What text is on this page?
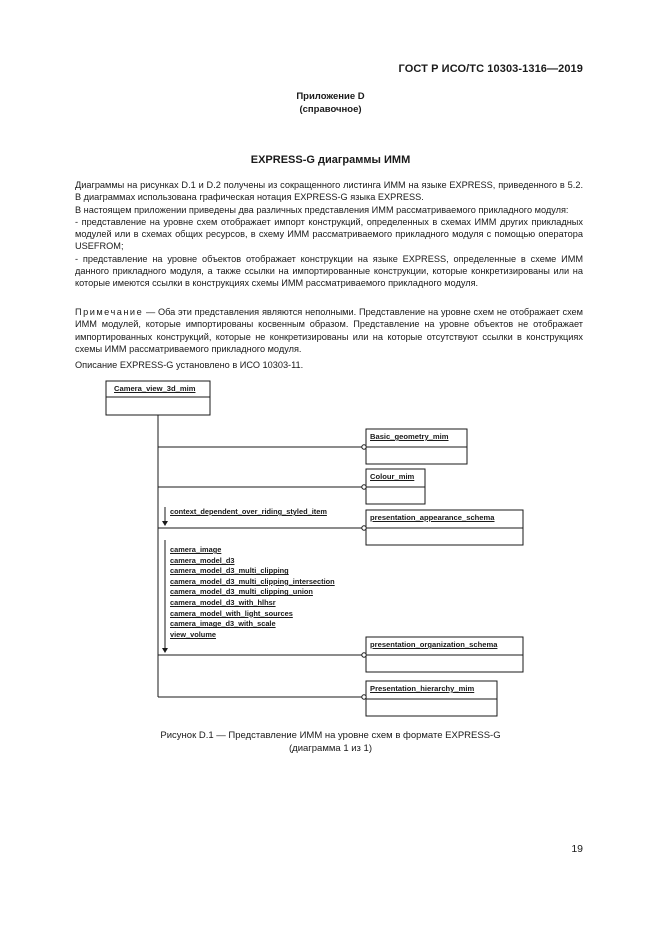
ГОСТ Р ИСО/ТС 10303-1316—2019
Приложение D
(справочное)
EXPRESS-G диаграммы ИММ

Диаграммы на рисунках D.1 и D.2 получены из сокращенного листинга ИММ на языке EXPRESS, приведенного в 5.2. В диаграммах использована графическая нотация EXPRESS-G языка EXPRESS.

В настоящем приложении приведены два различных представления ИММ рассматриваемого прикладного модуля:

- представление на уровне схем отображает импорт конструкций, определенных в схемах ИММ других прикладных модулей или в схемах общих ресурсов, в схему ИММ рассматриваемого прикладного модуля с помощью оператора USEFROM;

- представление на уровне объектов отображает конструкции на языке EXPRESS, определенные в схеме ИММ данного прикладного модуля, а также ссылки на импортированные конструкции, которые конкретизированы или на которые имеются ссылки в конструкциях схемы ИММ рассматриваемого прикладного модуля.

Примечание — Оба эти представления являются неполными. Представление на уровне схем не отображает схем ИММ модулей, которые импортированы косвенным образом. Представление на уровне объектов не отображает импортированных конструкций, которые не конкретизированы или на которые отсутствуют ссылки в конструкциях схемы ИММ рассматриваемого прикладного модуля.

Описание EXPRESS-G установлено в ИСО 10303-11.
Camera_view_3d_mim
Basic_geometry_mim
Colour_mim
presentation_appearance_schema
presentation_organization_schema
Presentation_hierarchy_mim
context_dependent_over_riding_styled_item
camera_image
camera_model_d3
camera_model_d3_multi_clipping
camera_model_d3_multi_clipping_intersection
camera_model_d3_multi_clipping_union
camera_model_d3_with_hlhsr
camera_model_with_light_sources
camera_image_d3_with_scale
view_volume
Рисунок D.1 — Представление ИММ на уровне схем в формате EXPRESS-G
(диаграмма 1 из 1)
19
